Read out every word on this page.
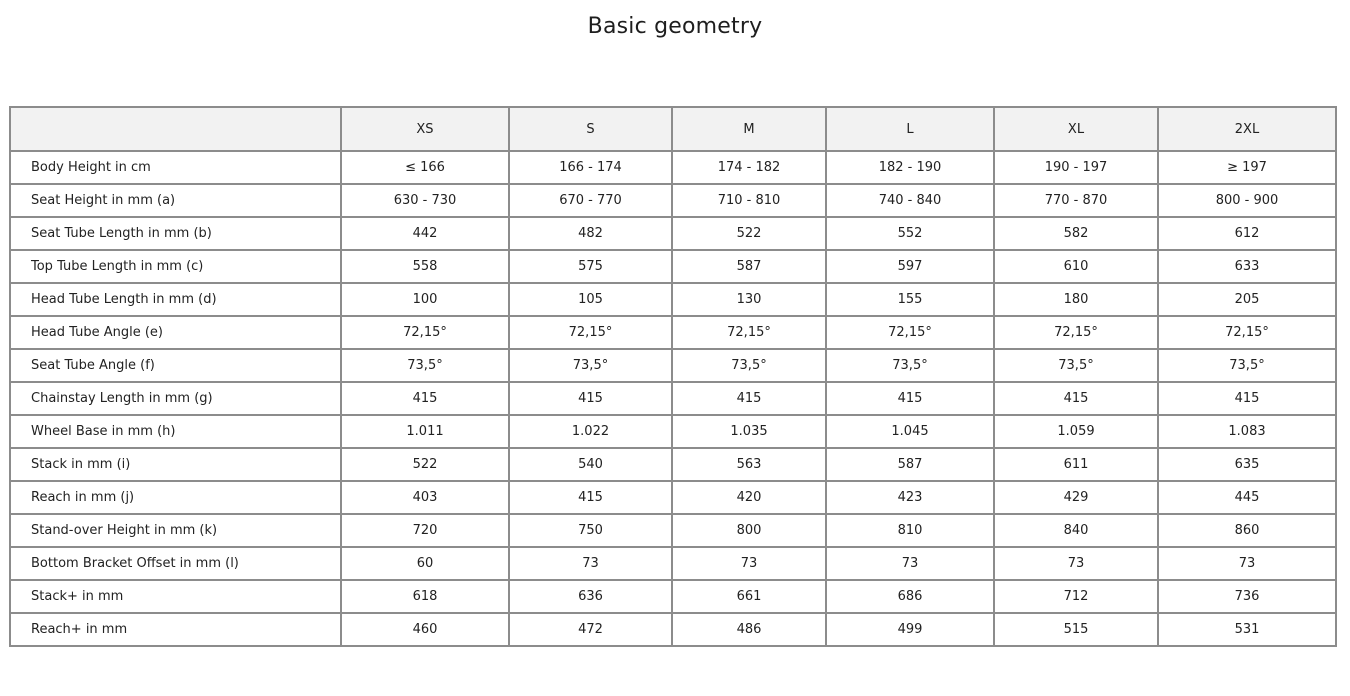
Basic geometry
	XS	S	M	L	XL	2XL
Body Height in cm	≤ 166	166 - 174	174 - 182	182 - 190	190 - 197	≥ 197
Seat Height in mm (a)	630 - 730	670 - 770	710 - 810	740 - 840	770 - 870	800 - 900
Seat Tube Length in mm (b)	442	482	522	552	582	612
Top Tube Length in mm (c)	558	575	587	597	610	633
Head Tube Length in mm (d)	100	105	130	155	180	205
Head Tube Angle (e)	72,15°	72,15°	72,15°	72,15°	72,15°	72,15°
Seat Tube Angle (f)	73,5°	73,5°	73,5°	73,5°	73,5°	73,5°
Chainstay Length in mm (g)	415	415	415	415	415	415
Wheel Base in mm (h)	1.011	1.022	1.035	1.045	1.059	1.083
Stack in mm (i)	522	540	563	587	611	635
Reach in mm (j)	403	415	420	423	429	445
Stand-over Height in mm (k)	720	750	800	810	840	860
Bottom Bracket Offset in mm (l)	60	73	73	73	73	73
Stack+ in mm	618	636	661	686	712	736
Reach+ in mm	460	472	486	499	515	531
